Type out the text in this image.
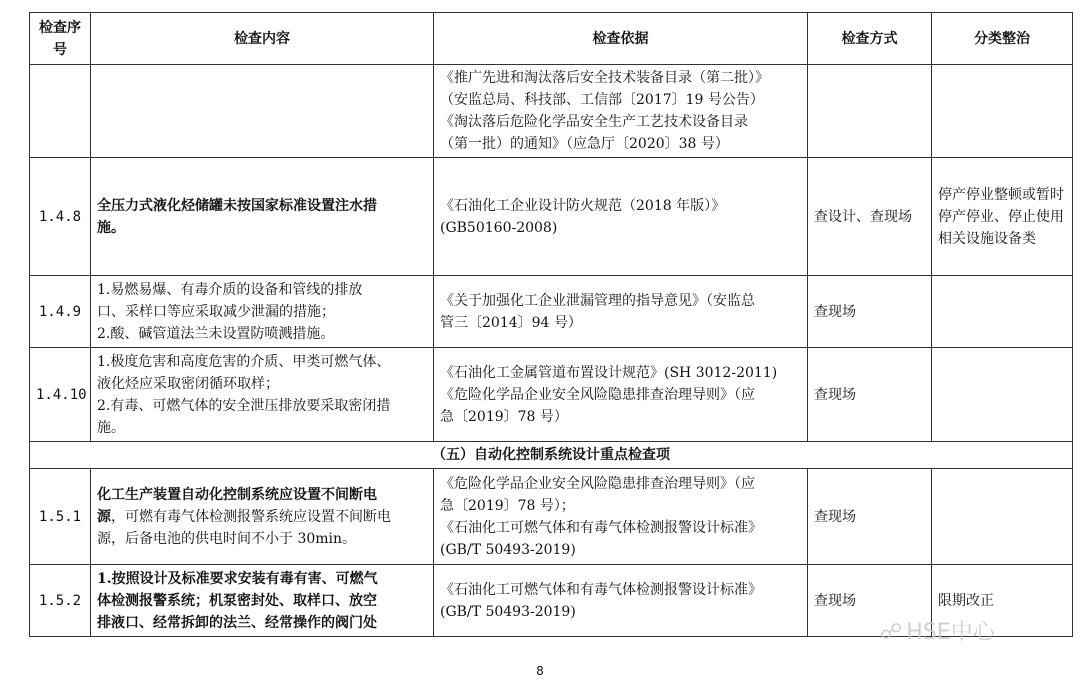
检查序号	检查内容	检查依据	检查方式	分类整治

		《推广先进和淘汰落后安全技术装备目录（第二批）》
（安监总局、科技部、工信部〔2017〕19 号公告）
《淘汰落后危险化学品安全生产工艺技术设备目录
（第一批）的通知》（应急厅〔2020〕38 号）		

1.4.8	全压力式液化烃储罐未按国家标准设置注水措
施。	《石油化工企业设计防火规范（2018 年版）》
(GB50160-2008)	查设计、查现场	停产停业整顿或暂时停产停业、停止使用相关设施设备类
1.4.9	1.易燃易爆、有毒介质的设备和管线的排放
口、采样口等应采取减少泄漏的措施；
2.酸、碱管道法兰未设置防喷溅措施。	《关于加强化工企业泄漏管理的指导意见》（安监总
管三〔2014〕94 号）	查现场	
1.4.10	1.极度危害和高度危害的介质、甲类可燃气体、
液化烃应采取密闭循环取样；
2.有毒、可燃气体的安全泄压排放要采取密闭措
施。	《石油化工金属管道布置设计规范》(SH 3012-2011)
《危险化学品企业安全风险隐患排查治理导则》（应
急〔2019〕78 号）	查现场	
（五）自动化控制系统设计重点检查项				
1.5.1	化工生产装置自动化控制系统应设置不间断电
源，可燃有毒气体检测报警系统应设置不间断电
源，后备电池的供电时间不小于 30min。	《危险化学品企业安全风险隐患排查治理导则》（应
急〔2019〕78 号）；
《石油化工可燃气体和有毒气体检测报警设计标准》
(GB/T 50493-2019)	查现场	
1.5.2	1.按照设计及标准要求安装有毒有害、可燃气
体检测报警系统；机泵密封处、取样口、放空
排液口、经常拆卸的法兰、经常操作的阀门处	《石油化工可燃气体和有毒气体检测报警设计标准》
(GB/T 50493-2019)	查现场	限期改正
☍ HSE中心
8
